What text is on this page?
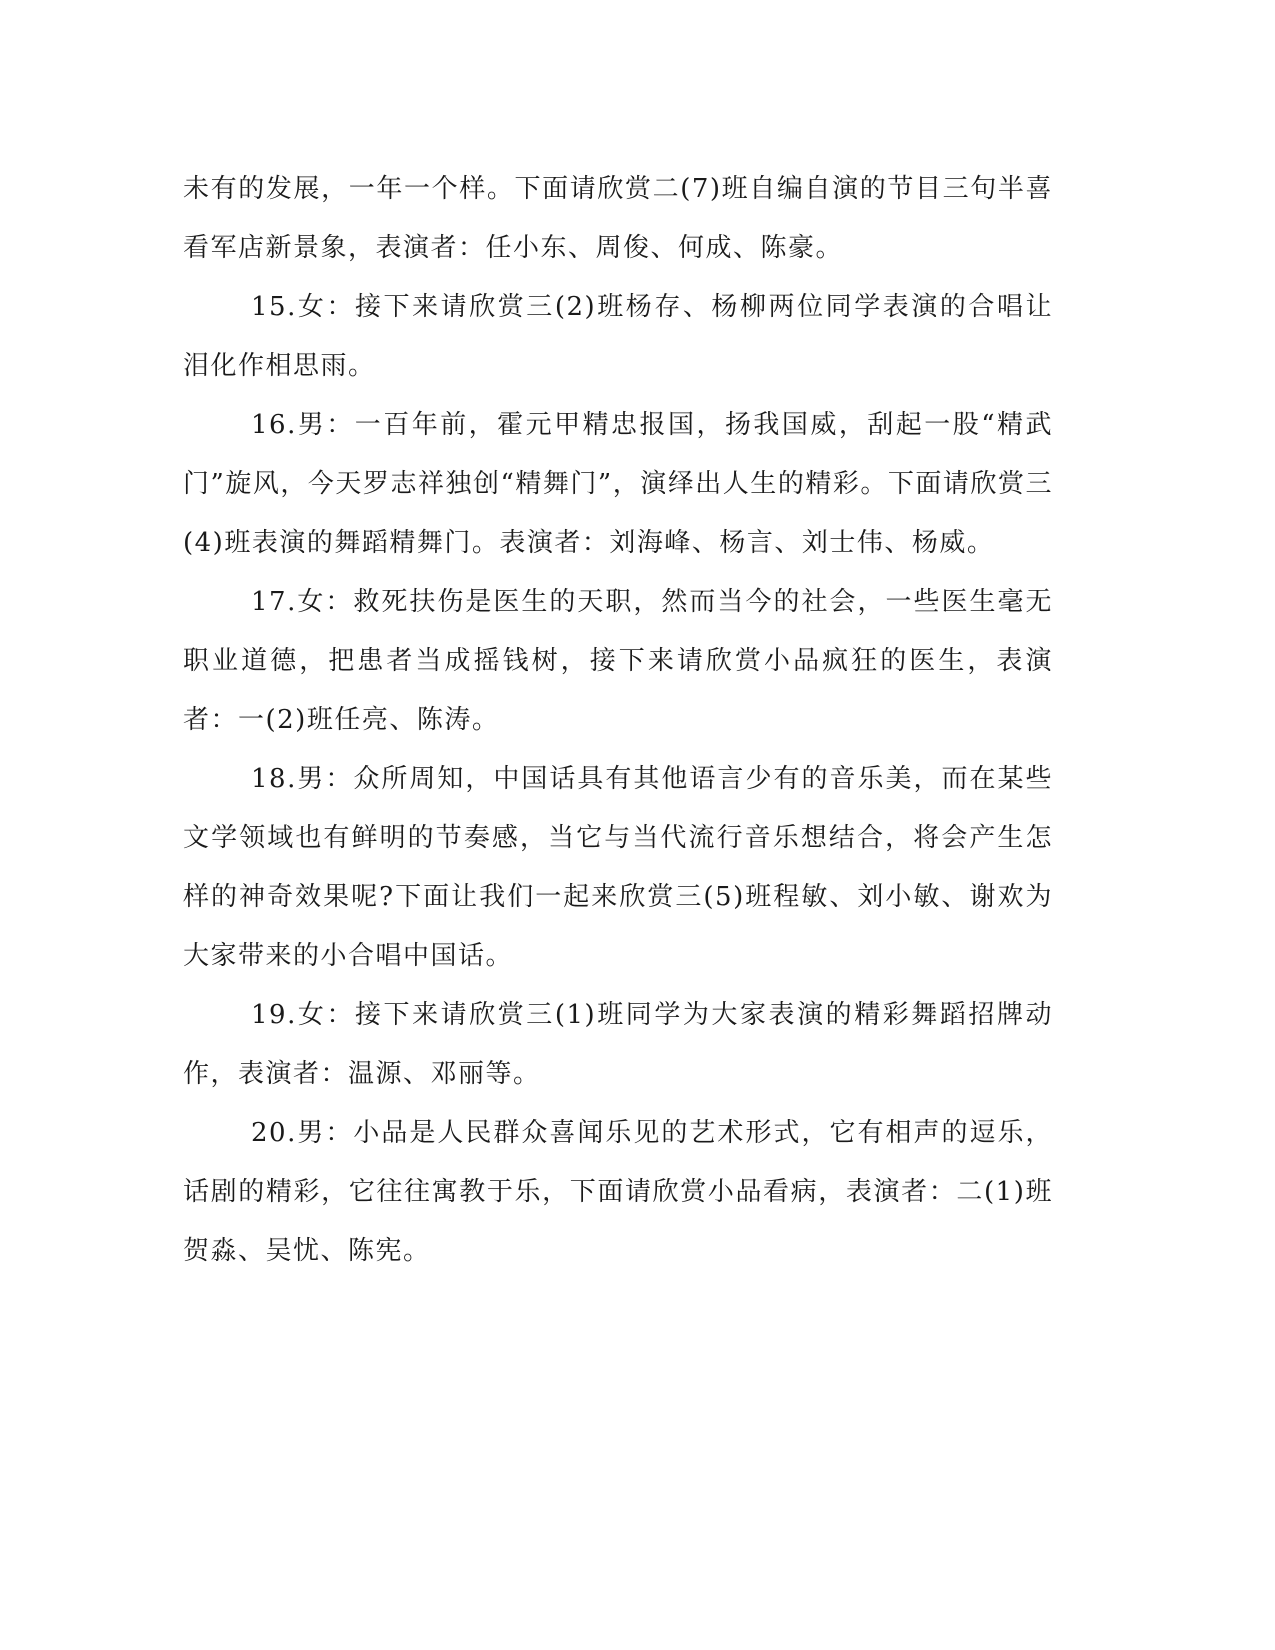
未有的发展，一年一个样。下面请欣赏二(7)班自编自演的节目三句半喜看军店新景象，表演者：任小东、周俊、何成、陈豪。

15.女：接下来请欣赏三(2)班杨存、杨柳两位同学表演的合唱让泪化作相思雨。

16.男：一百年前，霍元甲精忠报国，扬我国威，刮起一股“精武门”旋风，今天罗志祥独创“精舞门”，演绎出人生的精彩。下面请欣赏三(4)班表演的舞蹈精舞门。表演者：刘海峰、杨言、刘士伟、杨威。

17.女：救死扶伤是医生的天职，然而当今的社会，一些医生毫无职业道德，把患者当成摇钱树，接下来请欣赏小品疯狂的医生，表演者：一(2)班任亮、陈涛。

18.男：众所周知，中国话具有其他语言少有的音乐美，而在某些文学领域也有鲜明的节奏感，当它与当代流行音乐想结合，将会产生怎样的神奇效果呢?下面让我们一起来欣赏三(5)班程敏、刘小敏、谢欢为大家带来的小合唱中国话。

19.女：接下来请欣赏三(1)班同学为大家表演的精彩舞蹈招牌动作，表演者：温源、邓丽等。

20.男：小品是人民群众喜闻乐见的艺术形式，它有相声的逗乐，话剧的精彩，它往往寓教于乐，下面请欣赏小品看病，表演者：二(1)班贺淼、吴忧、陈宪。
